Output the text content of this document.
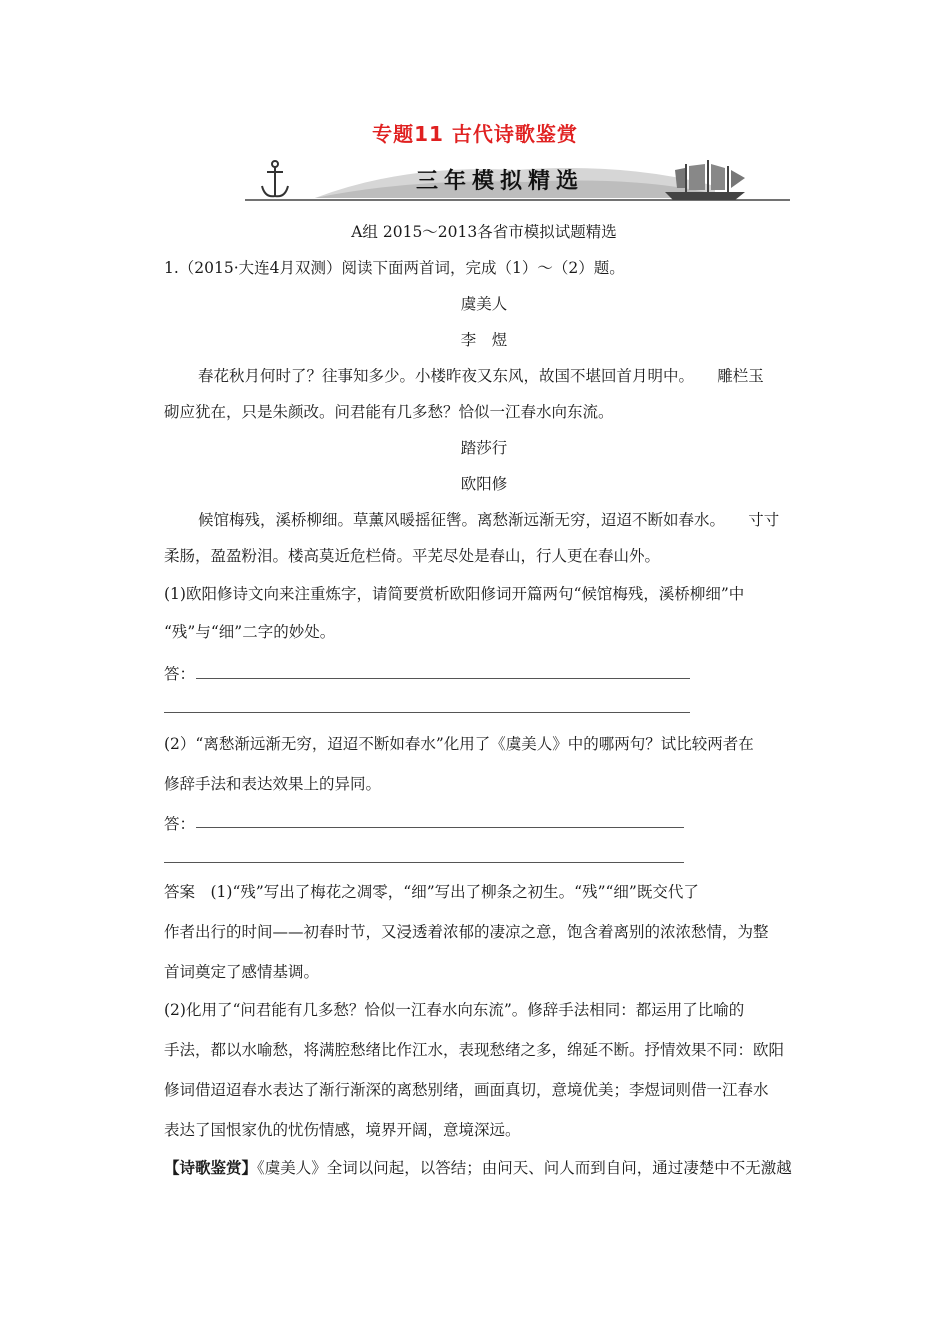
专题11 古代诗歌鉴赏
三年模拟精选
A组 2015～2013各省市模拟试题精选
1.（2015·大连4月双测）阅读下面两首词，完成（1）～（2）题。
虞美人
李　煜
春花秋月何时了？往事知多少。小楼昨夜又东风，故国不堪回首月明中。　　雕栏玉
砌应犹在，只是朱颜改。问君能有几多愁？恰似一江春水向东流。
踏莎行
欧阳修
候馆梅残，溪桥柳细。草薰风暖摇征辔。离愁渐远渐无穷，迢迢不断如春水。　　寸寸
柔肠，盈盈粉泪。楼高莫近危栏倚。平芜尽处是春山，行人更在春山外。
(1)欧阳修诗文向来注重炼字，请简要赏析欧阳修词开篇两句“候馆梅残，溪桥柳细”中
“残”与“细”二字的妙处。
答：
(2）“离愁渐远渐无穷，迢迢不断如春水”化用了《虞美人》中的哪两句？试比较两者在
修辞手法和表达效果上的异同。
答：
答案　(1)“残”写出了梅花之凋零，“细”写出了柳条之初生。“残”“细”既交代了
作者出行的时间——初春时节，又浸透着浓郁的凄凉之意，饱含着离别的浓浓愁情，为整
首词奠定了感情基调。
(2)化用了“问君能有几多愁？恰似一江春水向东流”。修辞手法相同：都运用了比喻的
手法，都以水喻愁，将满腔愁绪比作江水，表现愁绪之多，绵延不断。抒情效果不同：欧阳
修词借迢迢春水表达了渐行渐深的离愁别绪，画面真切，意境优美；李煜词则借一江春水
表达了国恨家仇的忧伤情感，境界开阔，意境深远。
【诗歌鉴赏】《虞美人》全词以问起，以答结；由问天、问人而到自问，通过凄楚中不无激越
